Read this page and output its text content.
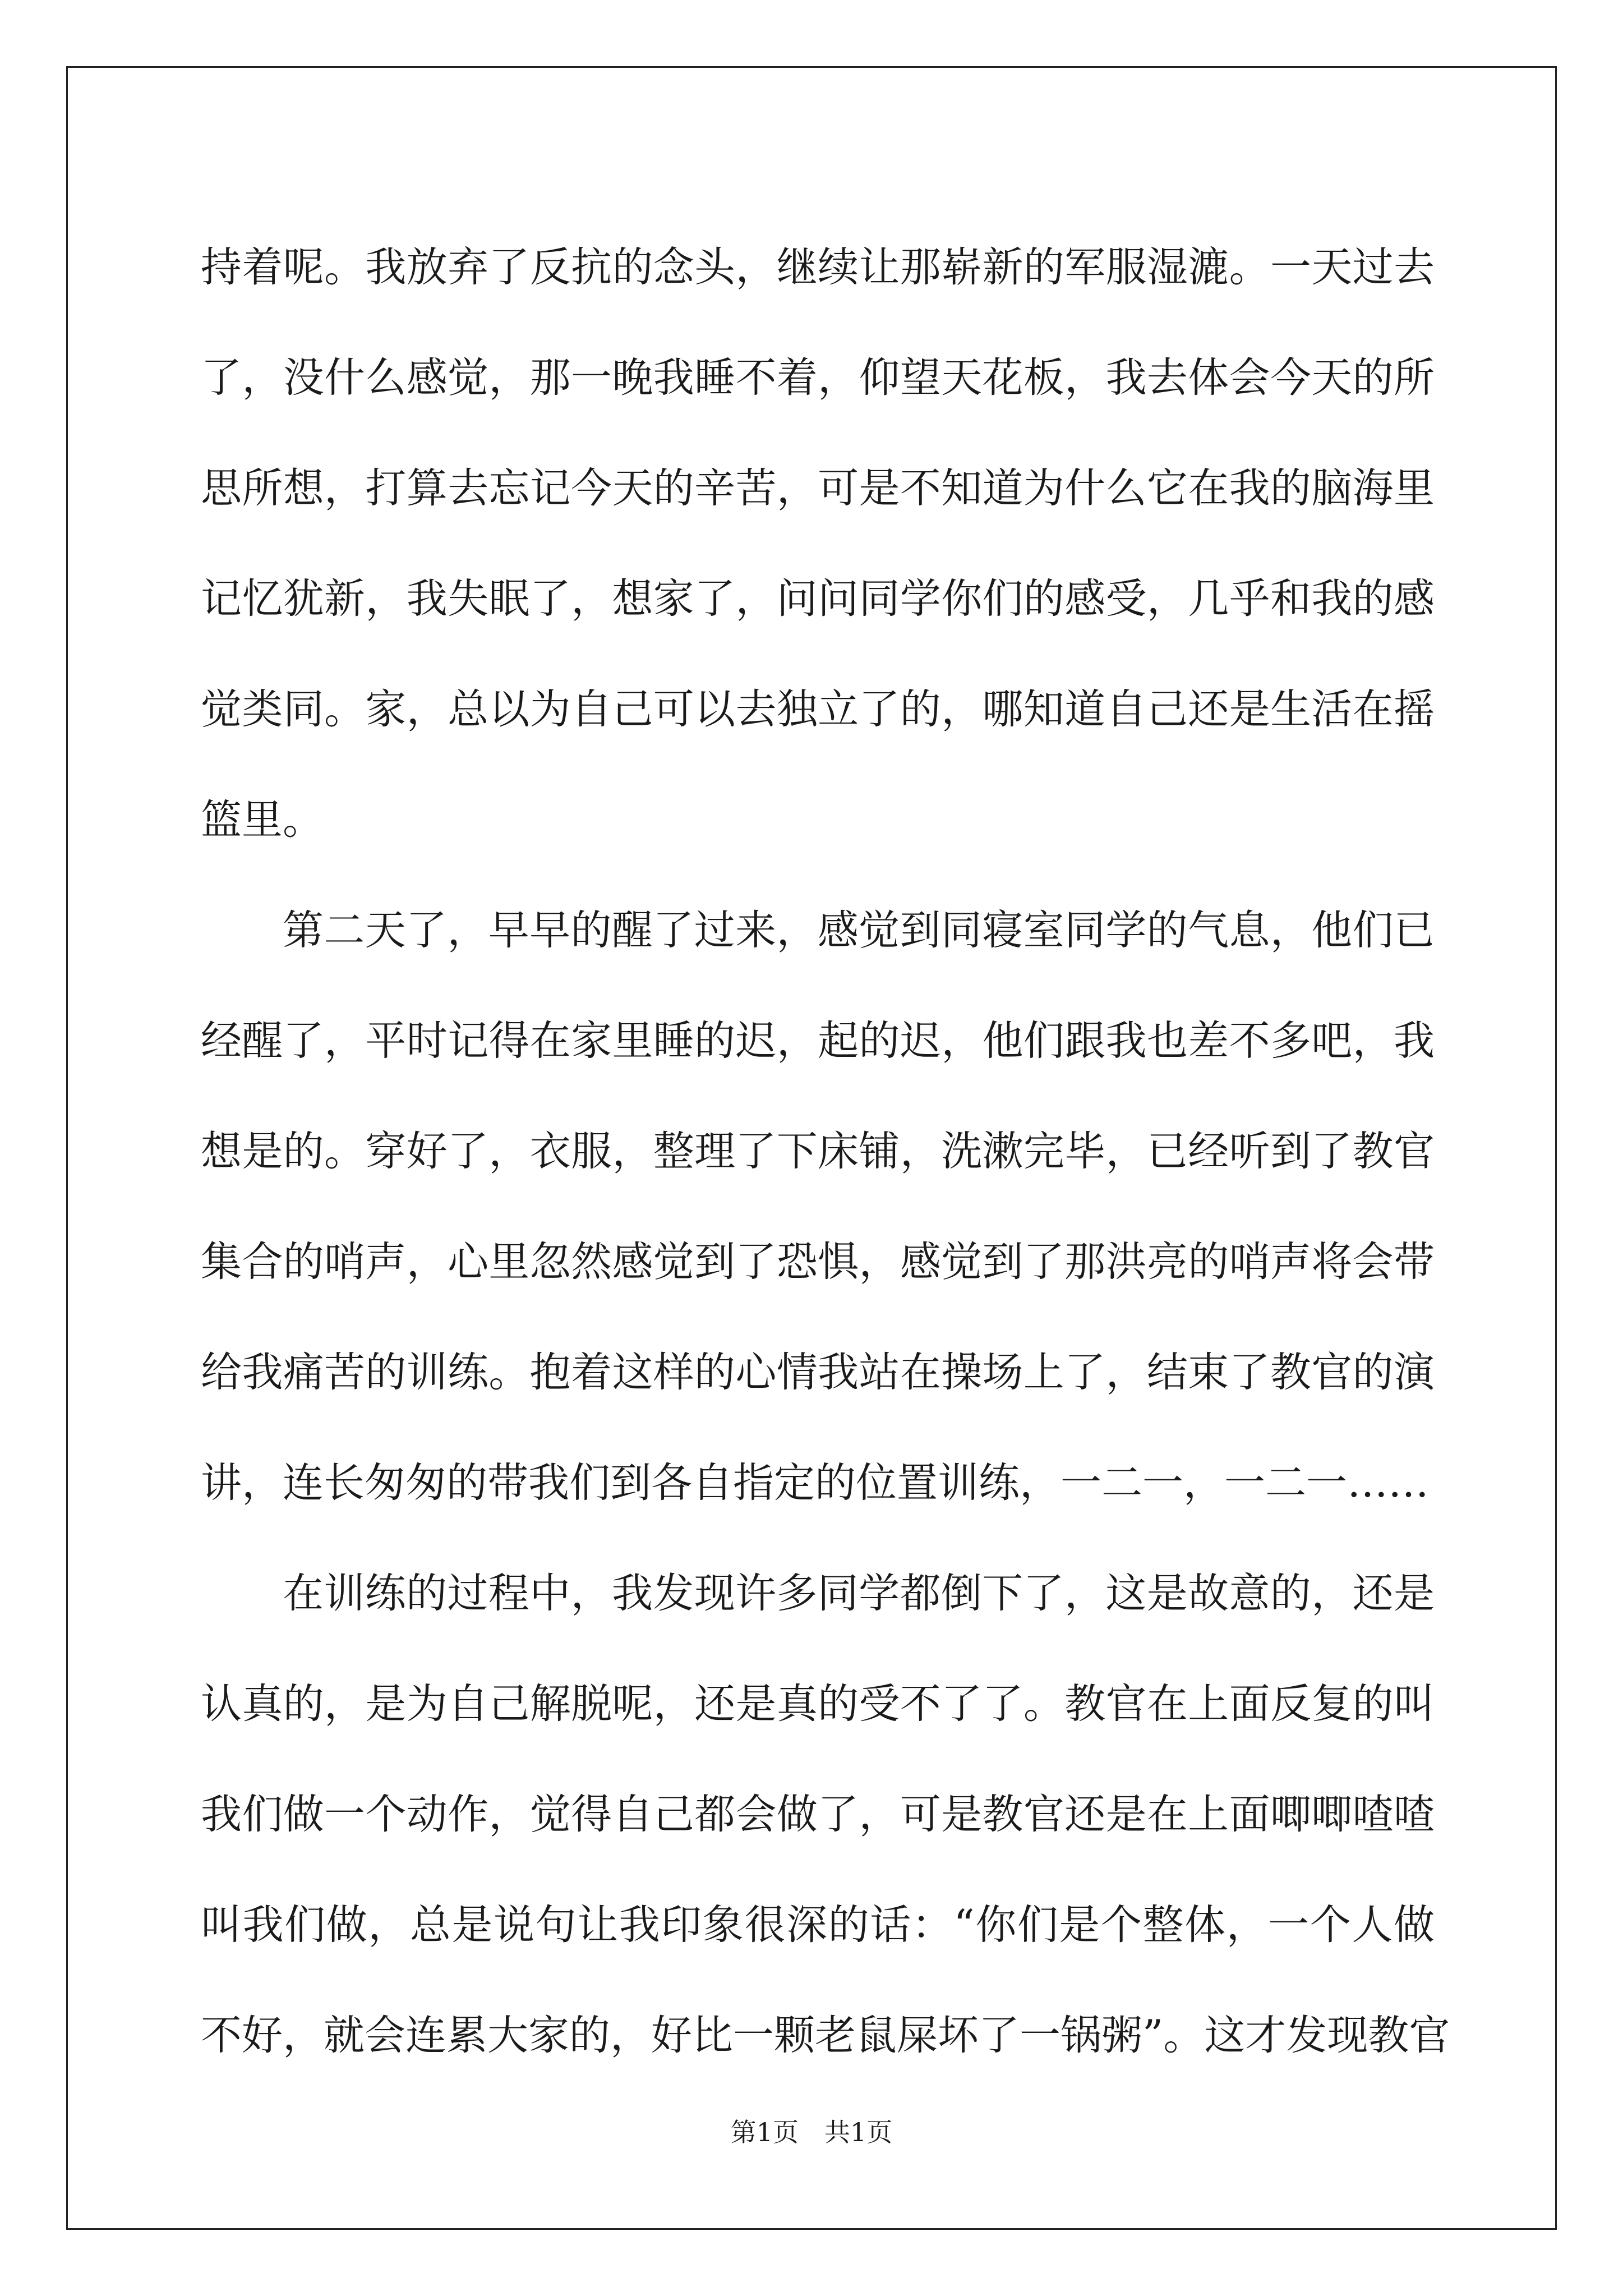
持着呢。我放弃了反抗的念头，继续让那崭新的军服湿漉。一天过去
了，没什么感觉，那一晚我睡不着，仰望天花板，我去体会今天的所
思所想，打算去忘记今天的辛苦，可是不知道为什么它在我的脑海里
记忆犹新，我失眠了，想家了，问问同学你们的感受，几乎和我的感
觉类同。家，总以为自己可以去独立了的，哪知道自己还是生活在摇
篮里。
第二天了，早早的醒了过来，感觉到同寝室同学的气息，他们已
经醒了，平时记得在家里睡的迟，起的迟，他们跟我也差不多吧，我
想是的。穿好了，衣服，整理了下床铺，洗漱完毕，已经听到了教官
集合的哨声，心里忽然感觉到了恐惧，感觉到了那洪亮的哨声将会带
给我痛苦的训练。抱着这样的心情我站在操场上了，结束了教官的演
讲，连长匆匆的带我们到各自指定的位置训练，一二一，一二一……
在训练的过程中，我发现许多同学都倒下了，这是故意的，还是
认真的，是为自己解脱呢，还是真的受不了了。教官在上面反复的叫
我们做一个动作，觉得自己都会做了，可是教官还是在上面唧唧喳喳
叫我们做，总是说句让我印象很深的话：“你们是个整体，一个人做
不好，就会连累大家的，好比一颗老鼠屎坏了一锅粥”。这才发现教官
第1页　共1页
